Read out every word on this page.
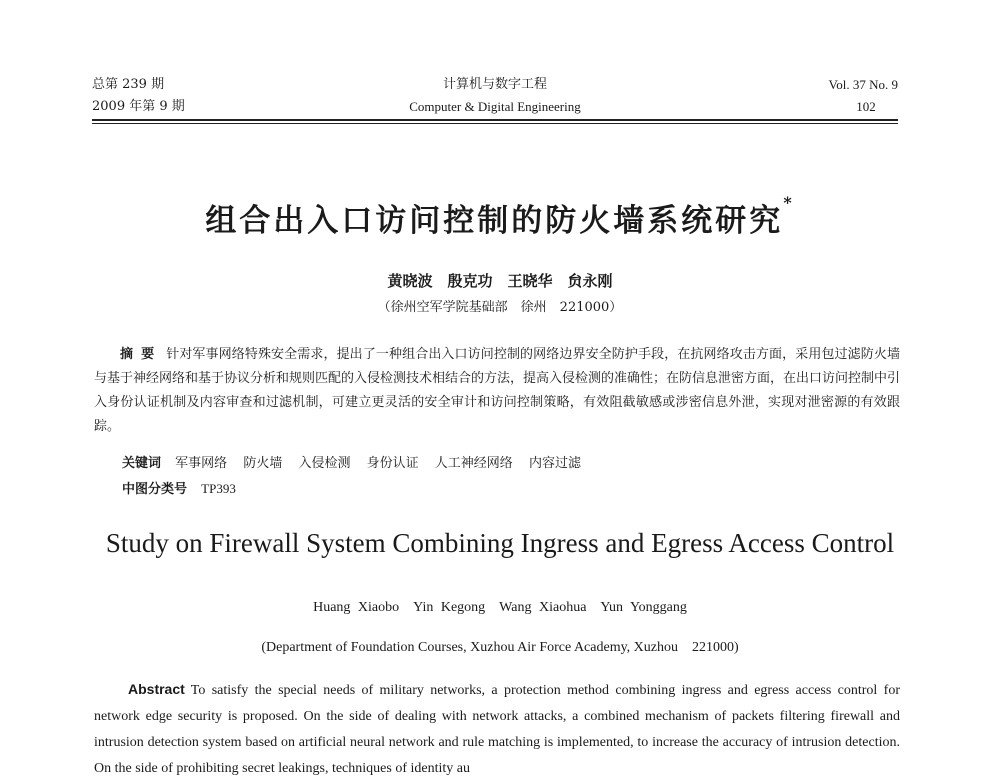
总第 239 期
2009 年第 9 期
计算机与数字工程
Computer & Digital Engineering
Vol. 37 No. 9
102
组合出入口访问控制的防火墙系统研究*
黄晓波　殷克功　王晓华　贠永刚
（徐州空军学院基础部　徐州　221000）
摘要 针对军事网络特殊安全需求，提出了一种组合出入口访问控制的网络边界安全防护手段，在抗网络攻击方面，采用包过滤防火墙与基于神经网络和基于协议分析和规则匹配的入侵检测技术相结合的方法，提高入侵检测的准确性；在防信息泄密方面，在出口访问控制中引入身份认证机制及内容审查和过滤机制，可建立更灵活的安全审计和访问控制策略，有效阻截敏感或涉密信息外泄，实现对泄密源的有效跟踪。
关键词 军事网络 防火墙 入侵检测 身份认证 人工神经网络 内容过滤
中图分类号 TP393
Study on Firewall System Combining Ingress and Egress Access Control
Huang Xiaobo　Yin Kegong　Wang Xiaohua　Yun Yonggang
(Department of Foundation Courses, Xuzhou Air Force Academy, Xuzhou　221000)
Abstract To satisfy the special needs of military networks, a protection method combining ingress and egress access control for network edge security is proposed. On the side of dealing with network attacks, a combined mechanism of packets filtering firewall and intrusion detection system based on artificial neural network and rule matching is implemented, to increase the accuracy of intrusion detection. On the side of prohibiting secret leakings, techniques of identity au
